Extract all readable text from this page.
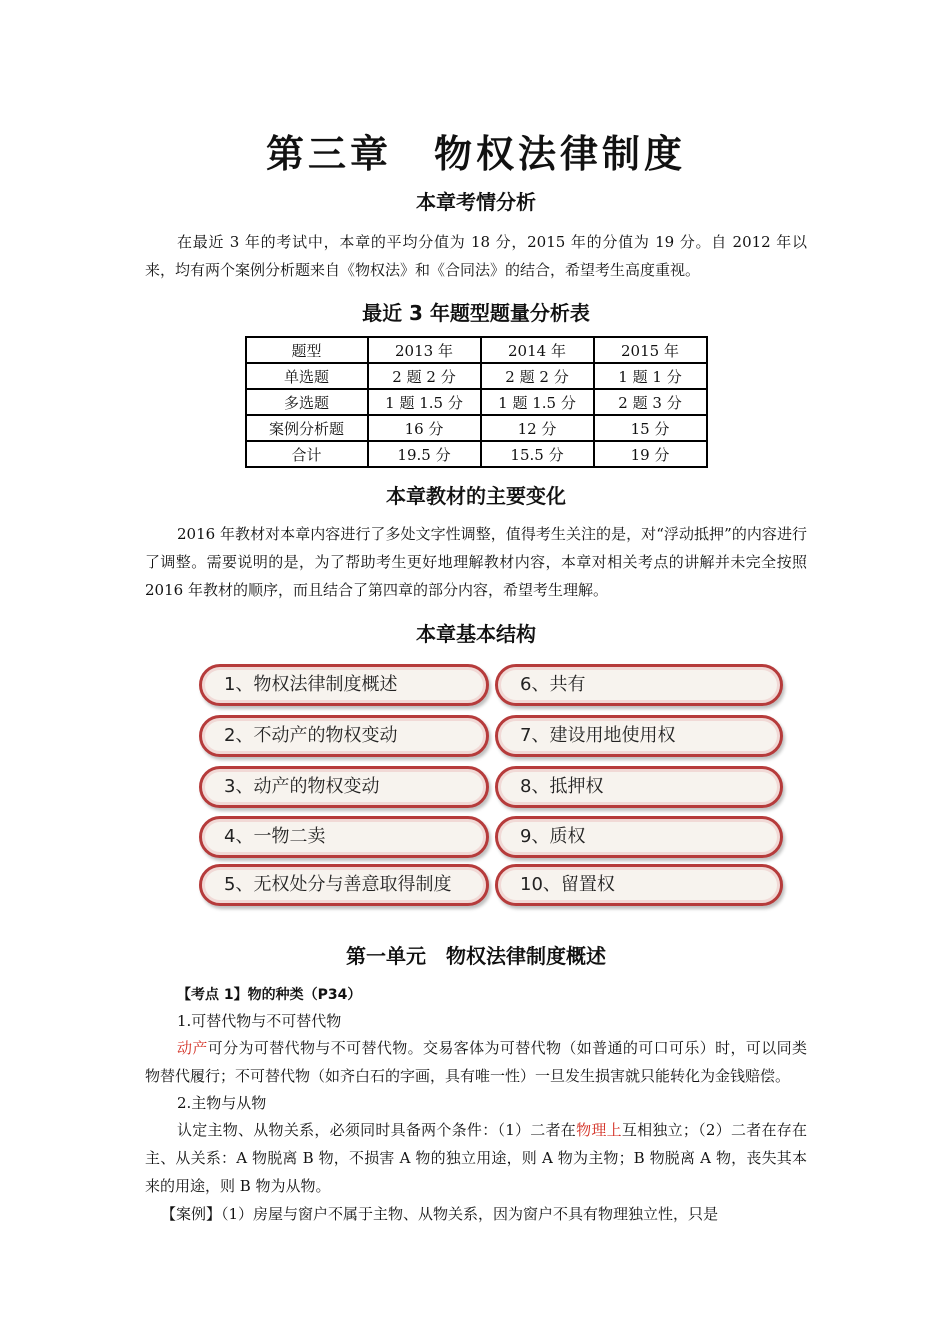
第三章　物权法律制度
本章考情分析

在最近 3 年的考试中，本章的平均分值为 18 分，2015 年的分值为 19 分。自 2012 年以来，均有两个案例分析题来自《物权法》和《合同法》的结合，希望考生高度重视。

最近 3 年题型题量分析表
题型	2013 年	2014 年	2015 年
单选题	2 题 2 分	2 题 2 分	1 题 1 分
多选题	1 题 1.5 分	1 题 1.5 分	2 题 3 分
案例分析题	16 分	12 分	15 分
合计	19.5 分	15.5 分	19 分
本章教材的主要变化

2016 年教材对本章内容进行了多处文字性调整，值得考生关注的是，对“浮动抵押”的内容进行了调整。需要说明的是，为了帮助考生更好地理解教材内容，本章对相关考点的讲解并未完全按照 2016 年教材的顺序，而且结合了第四章的部分内容，希望考生理解。

本章基本结构
1、物权法律制度概述
2、不动产的物权变动
3、动产的物权变动
4、一物二卖
5、无权处分与善意取得制度
6、共有
7、建设用地使用权
8、抵押权
9、质权
10、留置权
第一单元　物权法律制度概述

【考点 1】物的种类（P34）

1.可替代物与不可替代物

动产可分为可替代物与不可替代物。交易客体为可替代物（如普通的可口可乐）时，可以同类物替代履行；不可替代物（如齐白石的字画，具有唯一性）一旦发生损害就只能转化为金钱赔偿。

2.主物与从物

认定主物、从物关系，必须同时具备两个条件：（1）二者在物理上互相独立；（2）二者在存在主、从关系：A 物脱离 B 物，不损害 A 物的独立用途，则 A 物为主物；B 物脱离 A 物，丧失其本来的用途，则 B 物为从物。

【案例】（1）房屋与窗户不属于主物、从物关系，因为窗户不具有物理独立性，只是
